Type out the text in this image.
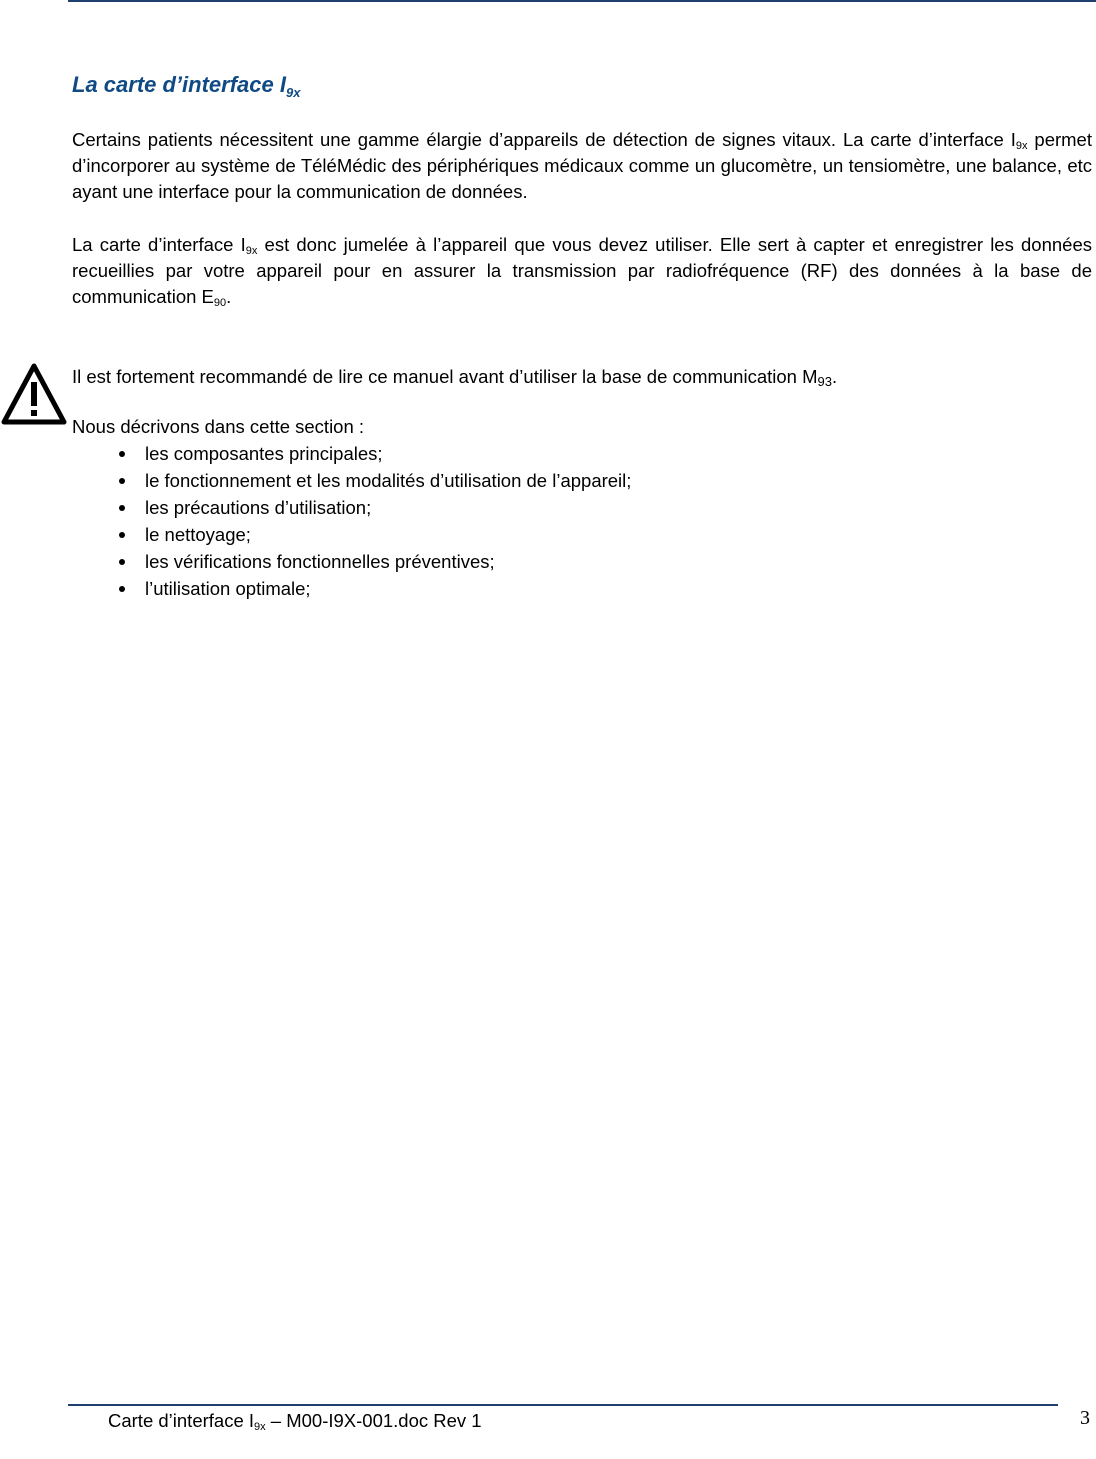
La carte d’interface $I_{9x}$

Certains patients nécessitent une gamme élargie d’appareils de détection de signes vitaux. La carte d’interface $I_{9x}$ permet d’incorporer au système de TéléMédic des périphériques médicaux comme un glucomètre, un tensiomètre, une balance, etc ayant une interface pour la communication de données.

La carte d’interface $I_{9x}$ est donc jumelée à l’appareil que vous devez utiliser. Elle sert à capter et enregistrer les données recueillies par votre appareil pour en assurer la transmission par radiofréquence (RF) des données à la base de communication $E_{90}$.

Il est fortement recommandé de lire ce manuel avant d’utiliser la base de communication $M_{93}$.

Nous décrivons dans cette section :

les composantes principales;
le fonctionnement et les modalités d’utilisation de l’appareil;
les précautions d’utilisation;
le nettoyage;
les vérifications fonctionnelles préventives;
l’utilisation optimale;
Carte d’interface $I_{9x} - M00-I9X-001.doc$ Rev 1	3
